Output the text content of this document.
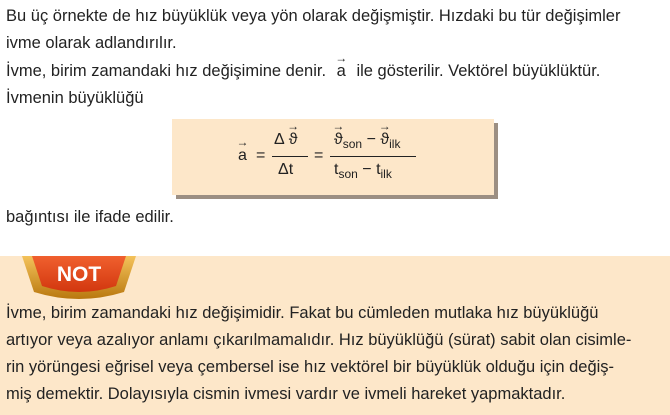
Bu üç örnekte de hız büyüklük veya yön olarak değişmiştir. Hızdaki bu tür değişimler
ivme olarak adlandırılır.
İvme, birim zamandaki hız değişimine denir.
→
a ile gösterilir. Vektörel büyüklüktür.
İvmenin büyüklüğü
→
a =
Δ
→
ϑ
Δt
=
→
$ϑ_{son}$ −
→
$ϑ_{ilk}$
$t_{son} - t_{ilk}$
bağıntısı ile ifade edilir.
NOT
İvme, birim zamandaki hız değişimidir. Fakat bu cümleden mutlaka hız büyüklüğü
artıyor veya azalıyor anlamı çıkarılmamalıdır. Hız büyüklüğü (sürat) sabit olan cisimle-
rin yörüngesi eğrisel veya çembersel ise hız vektörel bir büyüklük olduğu için değiş-
miş demektir. Dolayısıyla cismin ivmesi vardır ve ivmeli hareket yapmaktadır.
